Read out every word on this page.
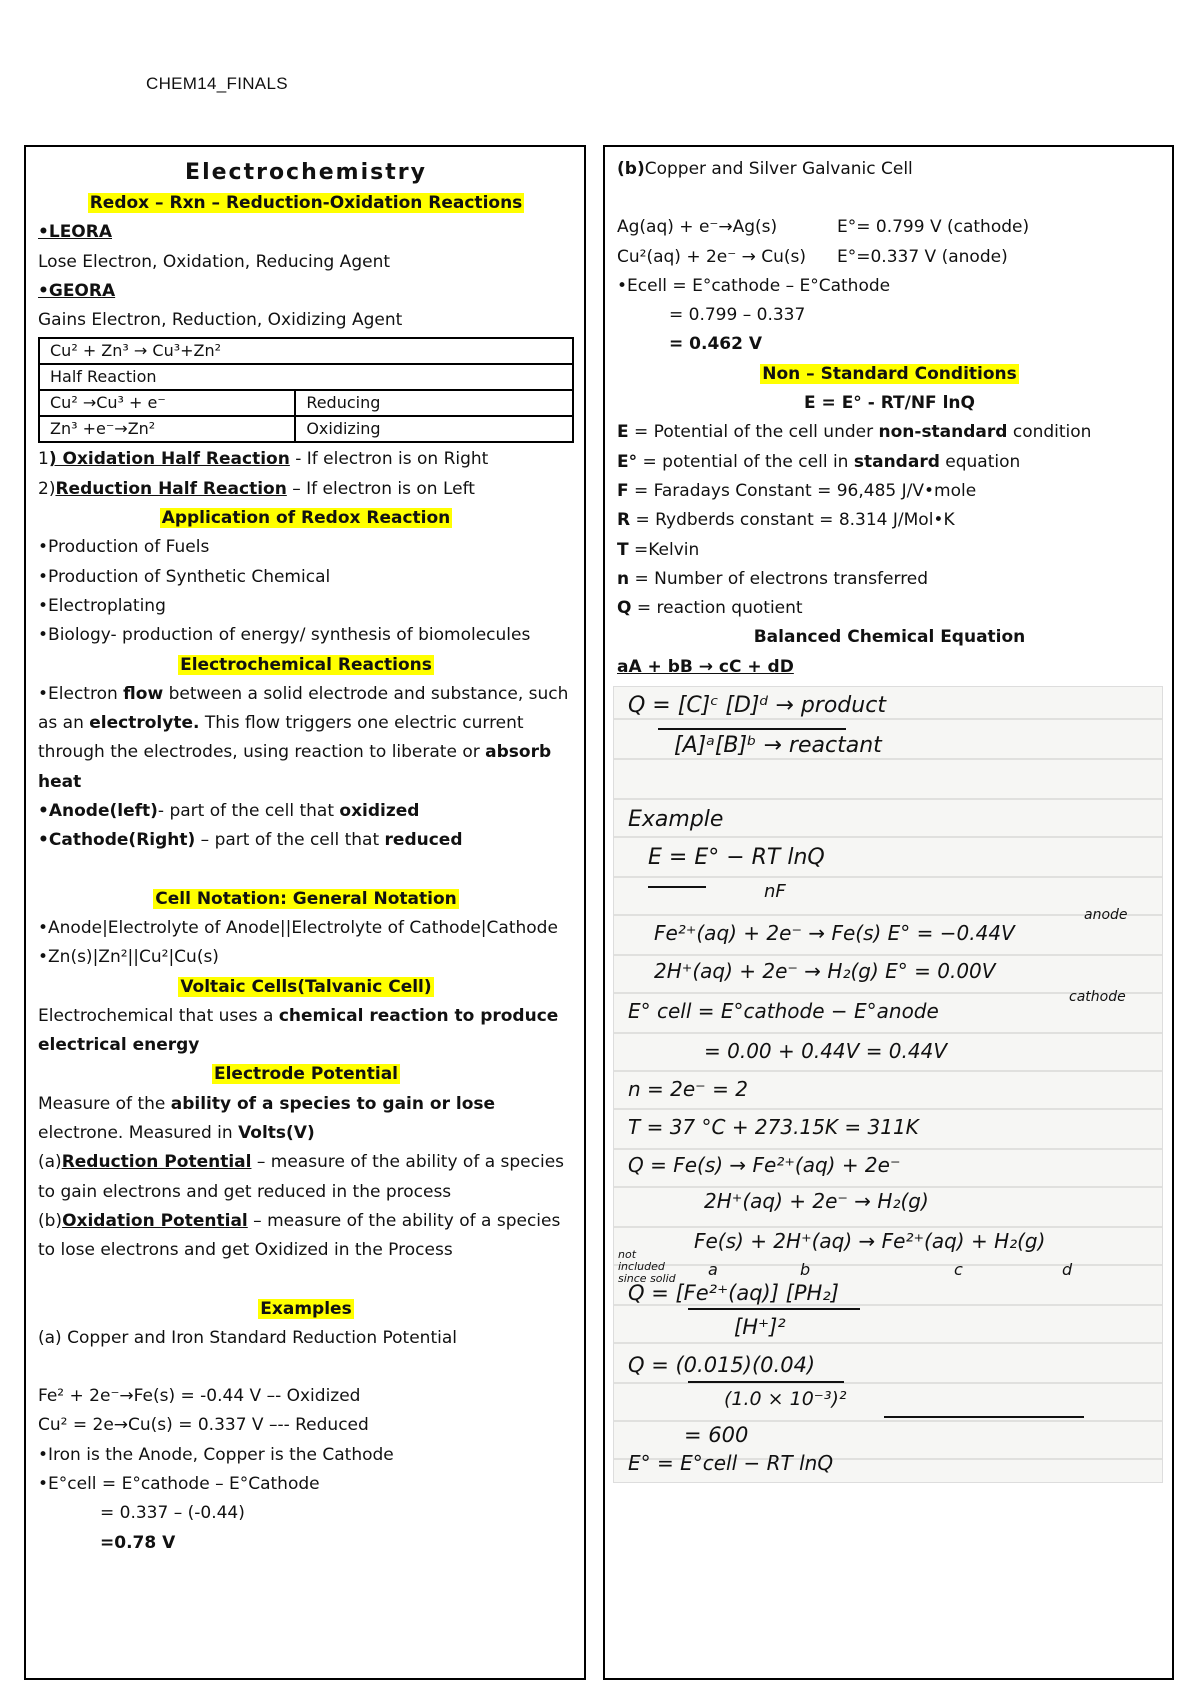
CHEM14_FINALS
Electrochemistry
Redox – Rxn – Reduction-Oxidation Reactions
•LEORA
Lose Electron, Oxidation, Reducing Agent
•GEORA
Gains Electron, Reduction, Oxidizing Agent
Cu² + Zn³ → Cu³+Zn²	
Half Reaction	
Cu² →Cu³ + e⁻	Reducing
Zn³ +e⁻→Zn²	Oxidizing
1) Oxidation Half Reaction - If electron is on Right
2)Reduction Half Reaction – If electron is on Left
Application of Redox Reaction
•Production of Fuels
•Production of Synthetic Chemical
•Electroplating
•Biology- production of energy/ synthesis of biomolecules
Electrochemical Reactions
•Electron flow between a solid electrode and substance, such as an electrolyte. This flow triggers one electric current through the electrodes, using reaction to liberate or absorb heat
•Anode(left)- part of the cell that oxidized
•Cathode(Right) – part of the cell that reduced
Cell Notation: General Notation
•Anode|Electrolyte of Anode||Electrolyte of Cathode|Cathode
•Zn(s)|Zn²||Cu²|Cu(s)
Voltaic Cells(Talvanic Cell)
Electrochemical that uses a chemical reaction to produce electrical energy
Electrode Potential
Measure of the ability of a species to gain or lose electrone. Measured in Volts(V)
(a)Reduction Potential – measure of the ability of a species to gain electrons and get reduced in the process
(b)Oxidation Potential – measure of the ability of a species to lose electrons and get Oxidized in the Process
Examples
(a) Copper and Iron Standard Reduction Potential
Fe² + 2e⁻→Fe(s) = -0.44 V –- Oxidized
Cu² = 2e→Cu(s) = 0.337 V –-- Reduced
•Iron is the Anode, Copper is the Cathode
•E°cell = E°cathode – E°Cathode
= 0.337 – (-0.44)
=0.78 V
(b)Copper and Silver Galvanic Cell
Ag(aq) + e⁻→Ag(s)	E°= 0.799 V (cathode)
Cu²(aq) + 2e⁻ → Cu(s)	E°=0.337 V (anode)
•Ecell = E°cathode – E°Cathode
= 0.799 – 0.337
= 0.462 V
Non – Standard Conditions
E = E° - RT/NF lnQ
E = Potential of the cell under non-standard condition
E° = potential of the cell in standard equation
F = Faradays Constant = 96,485 J/V•mole
R = Rydberds constant = 8.314 J/Mol•K
T =Kelvin
n = Number of electrons transferred
Q = reaction quotient
Balanced Chemical Equation
aA + bB → cC + dD
Q = [C]ᶜ [D]ᵈ → product
[A]ᵃ[B]ᵇ → reactant
Example
E = E° − RT lnQ
nF
Fe²⁺(aq) + 2e⁻ → Fe(s) E° = −0.44V
anode
2H⁺(aq) + 2e⁻ → H₂(g) E° = 0.00V
cathode
E° cell = E°cathode − E°anode
= 0.00 + 0.44V = 0.44V
n = 2e⁻ = 2
T = 37 °C + 273.15K = 311K
Q = Fe(s) → Fe²⁺(aq) + 2e⁻
2H⁺(aq) + 2e⁻ → H₂(g)
Fe(s) + 2H⁺(aq) → Fe²⁺(aq) + H₂(g)
not included since solid a	b	c	d
Q = [Fe²⁺(aq)] [PH₂]
[H⁺]²
Q = (0.015)(0.04)
(1.0 × 10⁻³)²
= 600
E° = E°cell − RT lnQ
